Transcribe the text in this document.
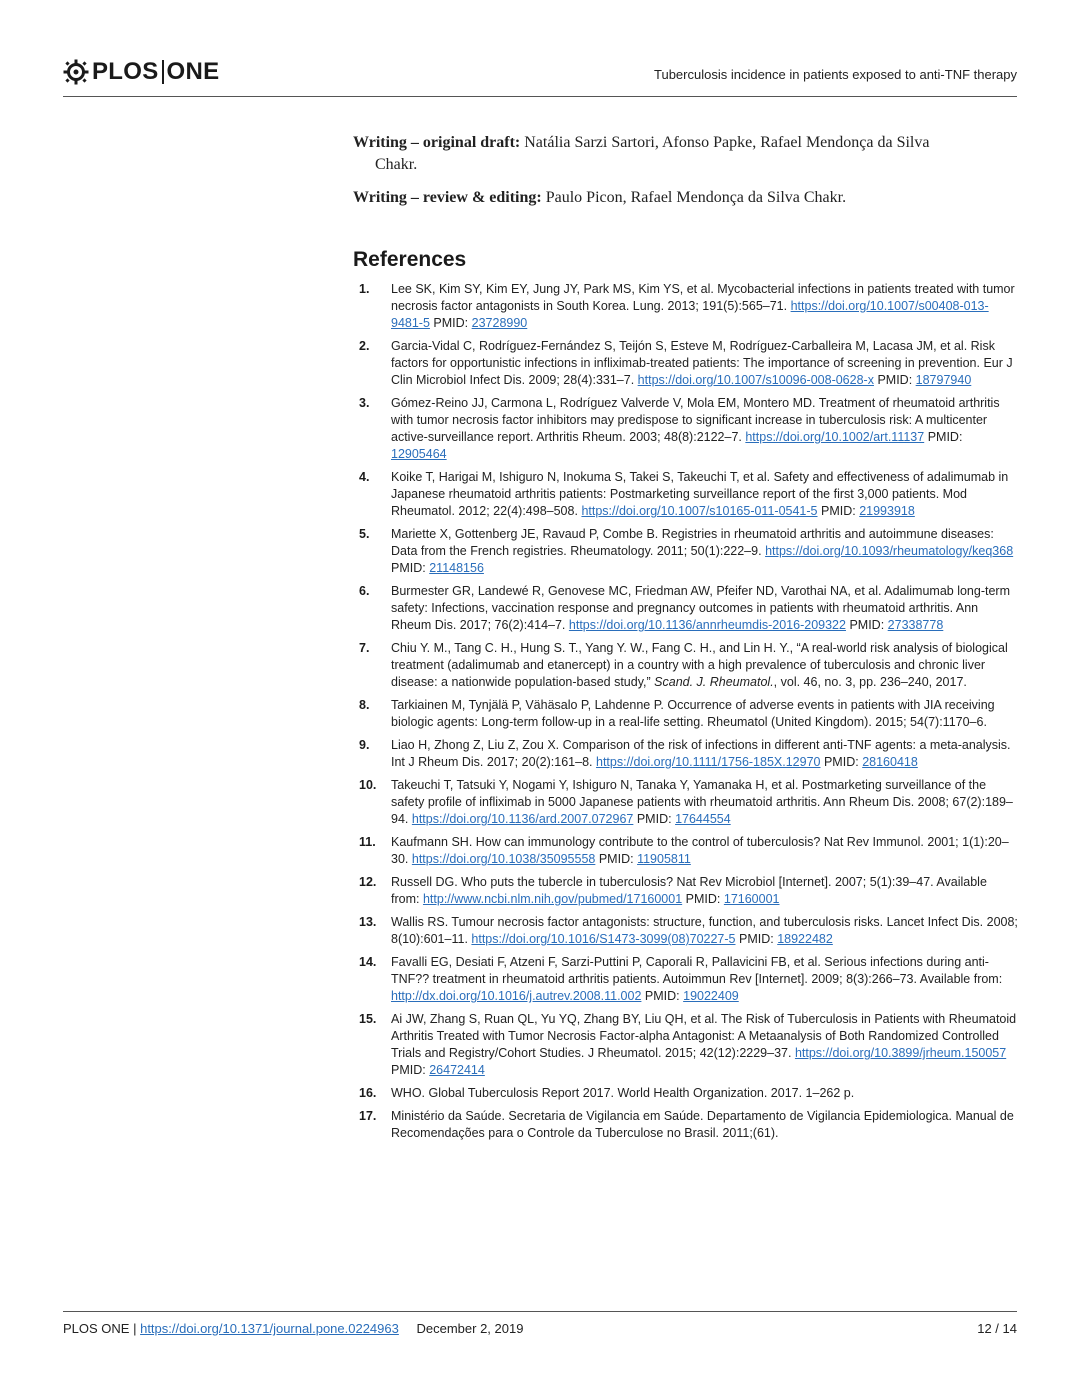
PLOS ONE	Tuberculosis incidence in patients exposed to anti-TNF therapy
Writing – original draft: Natália Sarzi Sartori, Afonso Papke, Rafael Mendonça da Silva
Chakr.
Writing – review & editing: Paulo Picon, Rafael Mendonça da Silva Chakr.
References
1. Lee SK, Kim SY, Kim EY, Jung JY, Park MS, Kim YS, et al. Mycobacterial infections in patients treated with tumor necrosis factor antagonists in South Korea. Lung. 2013; 191(5):565–71. https://doi.org/10.1007/s00408-013-9481-5 PMID: 23728990
2. Garcia-Vidal C, Rodríguez-Fernández S, Teijón S, Esteve M, Rodríguez-Carballeira M, Lacasa JM, et al. Risk factors for opportunistic infections in infliximab-treated patients: The importance of screening in prevention. Eur J Clin Microbiol Infect Dis. 2009; 28(4):331–7. https://doi.org/10.1007/s10096-008-0628-x PMID: 18797940
3. Gómez-Reino JJ, Carmona L, Rodríguez Valverde V, Mola EM, Montero MD. Treatment of rheumatoid arthritis with tumor necrosis factor inhibitors may predispose to significant increase in tuberculosis risk: A multicenter active-surveillance report. Arthritis Rheum. 2003; 48(8):2122–7. https://doi.org/10.1002/art.11137 PMID: 12905464
4. Koike T, Harigai M, Ishiguro N, Inokuma S, Takei S, Takeuchi T, et al. Safety and effectiveness of adalimumab in Japanese rheumatoid arthritis patients: Postmarketing surveillance report of the first 3,000 patients. Mod Rheumatol. 2012; 22(4):498–508. https://doi.org/10.1007/s10165-011-0541-5 PMID: 21993918
5. Mariette X, Gottenberg JE, Ravaud P, Combe B. Registries in rheumatoid arthritis and autoimmune diseases: Data from the French registries. Rheumatology. 2011; 50(1):222–9. https://doi.org/10.1093/rheumatology/keq368 PMID: 21148156
6. Burmester GR, Landewé R, Genovese MC, Friedman AW, Pfeifer ND, Varothai NA, et al. Adalimumab long-term safety: Infections, vaccination response and pregnancy outcomes in patients with rheumatoid arthritis. Ann Rheum Dis. 2017; 76(2):414–7. https://doi.org/10.1136/annrheumdis-2016-209322 PMID: 27338778
7. Chiu Y. M., Tang C. H., Hung S. T., Yang Y. W., Fang C. H., and Lin H. Y., “A real-world risk analysis of biological treatment (adalimumab and etanercept) in a country with a high prevalence of tuberculosis and chronic liver disease: a nationwide population-based study,” Scand. J. Rheumatol., vol. 46, no. 3, pp. 236–240, 2017.
8. Tarkiainen M, Tynjälä P, Vähäsalo P, Lahdenne P. Occurrence of adverse events in patients with JIA receiving biologic agents: Long-term follow-up in a real-life setting. Rheumatol (United Kingdom). 2015; 54(7):1170–6.
9. Liao H, Zhong Z, Liu Z, Zou X. Comparison of the risk of infections in different anti-TNF agents: a meta-analysis. Int J Rheum Dis. 2017; 20(2):161–8. https://doi.org/10.1111/1756-185X.12970 PMID: 28160418
10. Takeuchi T, Tatsuki Y, Nogami Y, Ishiguro N, Tanaka Y, Yamanaka H, et al. Postmarketing surveillance of the safety profile of infliximab in 5000 Japanese patients with rheumatoid arthritis. Ann Rheum Dis. 2008; 67(2):189–94. https://doi.org/10.1136/ard.2007.072967 PMID: 17644554
11. Kaufmann SH. How can immunology contribute to the control of tuberculosis? Nat Rev Immunol. 2001; 1(1):20–30. https://doi.org/10.1038/35095558 PMID: 11905811
12. Russell DG. Who puts the tubercle in tuberculosis? Nat Rev Microbiol [Internet]. 2007; 5(1):39–47. Available from: http://www.ncbi.nlm.nih.gov/pubmed/17160001 PMID: 17160001
13. Wallis RS. Tumour necrosis factor antagonists: structure, function, and tuberculosis risks. Lancet Infect Dis. 2008; 8(10):601–11. https://doi.org/10.1016/S1473-3099(08)70227-5 PMID: 18922482
14. Favalli EG, Desiati F, Atzeni F, Sarzi-Puttini P, Caporali R, Pallavicini FB, et al. Serious infections during anti-TNF?? treatment in rheumatoid arthritis patients. Autoimmun Rev [Internet]. 2009; 8(3):266–73. Available from: http://dx.doi.org/10.1016/j.autrev.2008.11.002 PMID: 19022409
15. Ai JW, Zhang S, Ruan QL, Yu YQ, Zhang BY, Liu QH, et al. The Risk of Tuberculosis in Patients with Rheumatoid Arthritis Treated with Tumor Necrosis Factor-alpha Antagonist: A Metaanalysis of Both Randomized Controlled Trials and Registry/Cohort Studies. J Rheumatol. 2015; 42(12):2229–37. https://doi.org/10.3899/jrheum.150057 PMID: 26472414
16. WHO. Global Tuberculosis Report 2017. World Health Organization. 2017. 1–262 p.
17. Ministério da Saúde. Secretaria de Vigilancia em Saúde. Departamento de Vigilancia Epidemiologica. Manual de Recomendações para o Controle da Tuberculose no Brasil. 2011;(61).
PLOS ONE | https://doi.org/10.1371/journal.pone.0224963 December 2, 2019	12 / 14
